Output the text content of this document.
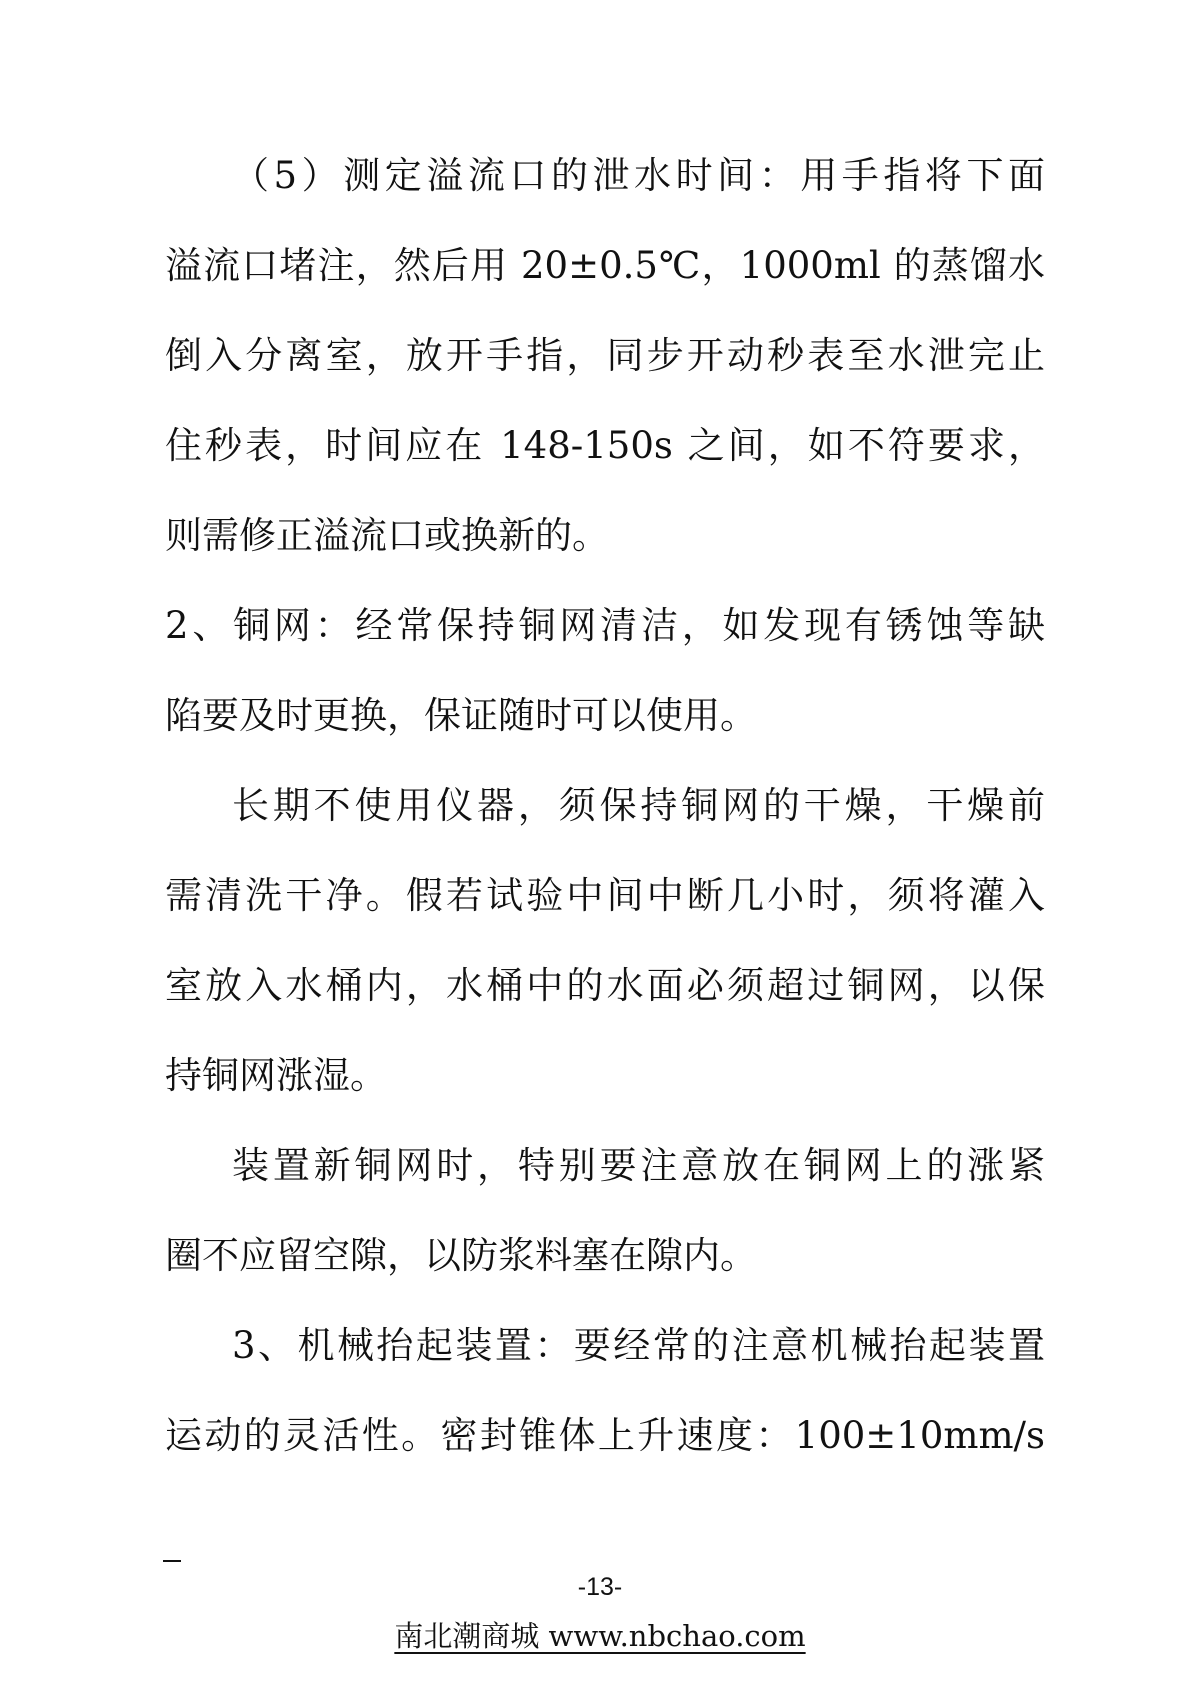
（5）测定溢流口的泄水时间：用手指将下面
溢流口堵注，然后用 20±0.5℃，1000ml 的蒸馏水
倒入分离室，放开手指，同步开动秒表至水泄完止
住秒表，时间应在 148-150s 之间，如不符要求，
则需修正溢流口或换新的。
2、铜网：经常保持铜网清洁，如发现有锈蚀等缺
陷要及时更换，保证随时可以使用。
长期不使用仪器，须保持铜网的干燥，干燥前
需清洗干净。假若试验中间中断几小时，须将灌入
室放入水桶内，水桶中的水面必须超过铜网，以保
持铜网涨湿。
装置新铜网时，特别要注意放在铜网上的涨紧
圈不应留空隙，以防浆料塞在隙内。
3、机械抬起装置：要经常的注意机械抬起装置
运动的灵活性。密封锥体上升速度：100±10mm/s
-13-
南北潮商城 www.nbchao.com
